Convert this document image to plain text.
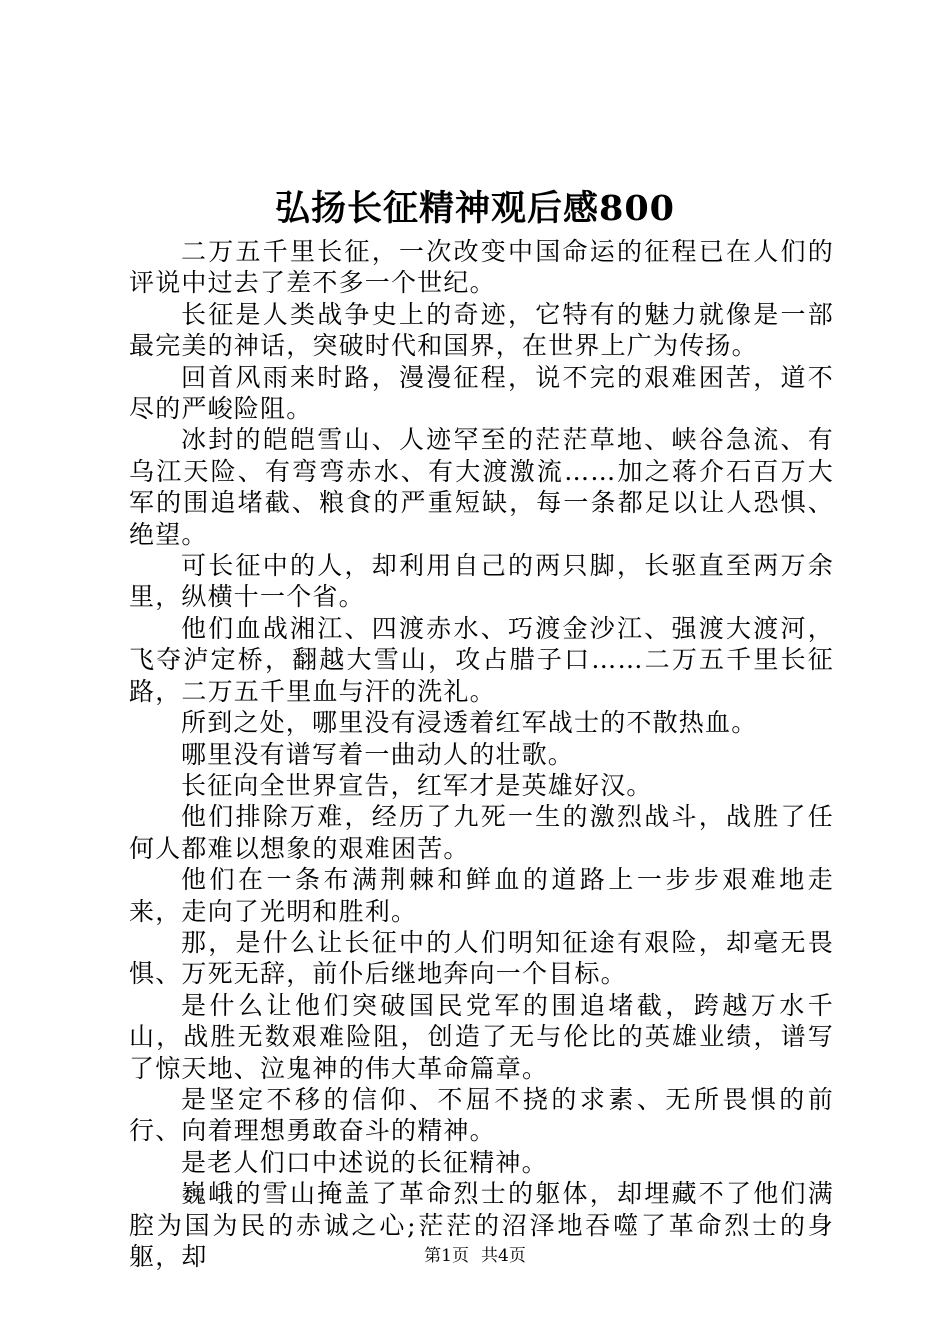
弘扬长征精神观后感800

二万五千里长征，一次改变中国命运的征程已在人们的评说中过去了差不多一个世纪。

长征是人类战争史上的奇迹，它特有的魅力就像是一部最完美的神话，突破时代和国界，在世界上广为传扬。

回首风雨来时路，漫漫征程，说不完的艰难困苦，道不尽的严峻险阻。

冰封的皑皑雪山、人迹罕至的茫茫草地、峡谷急流、有乌江天险、有弯弯赤水、有大渡激流……加之蒋介石百万大军的围追堵截、粮食的严重短缺，每一条都足以让人恐惧、绝望。

可长征中的人，却利用自己的两只脚，长驱直至两万余里，纵横十一个省。

他们血战湘江、四渡赤水、巧渡金沙江、强渡大渡河，飞夺泸定桥，翻越大雪山，攻占腊子口……二万五千里长征路，二万五千里血与汗的洗礼。

所到之处，哪里没有浸透着红军战士的不散热血。

哪里没有谱写着一曲动人的壮歌。

长征向全世界宣告，红军才是英雄好汉。

他们排除万难，经历了九死一生的激烈战斗，战胜了任何人都难以想象的艰难困苦。

他们在一条布满荆棘和鲜血的道路上一步步艰难地走来，走向了光明和胜利。

那，是什么让长征中的人们明知征途有艰险，却毫无畏惧、万死无辞，前仆后继地奔向一个目标。

是什么让他们突破国民党军的围追堵截，跨越万水千山，战胜无数艰难险阻，创造了无与伦比的英雄业绩，谱写了惊天地、泣鬼神的伟大革命篇章。

是坚定不移的信仰、不屈不挠的求素、无所畏惧的前行、向着理想勇敢奋斗的精神。

是老人们口中述说的长征精神。

巍峨的雪山掩盖了革命烈士的躯体，却埋藏不了他们满腔为国为民的赤诚之心;茫茫的沼泽地吞噬了革命烈士的身躯，却	第1页 共4页
